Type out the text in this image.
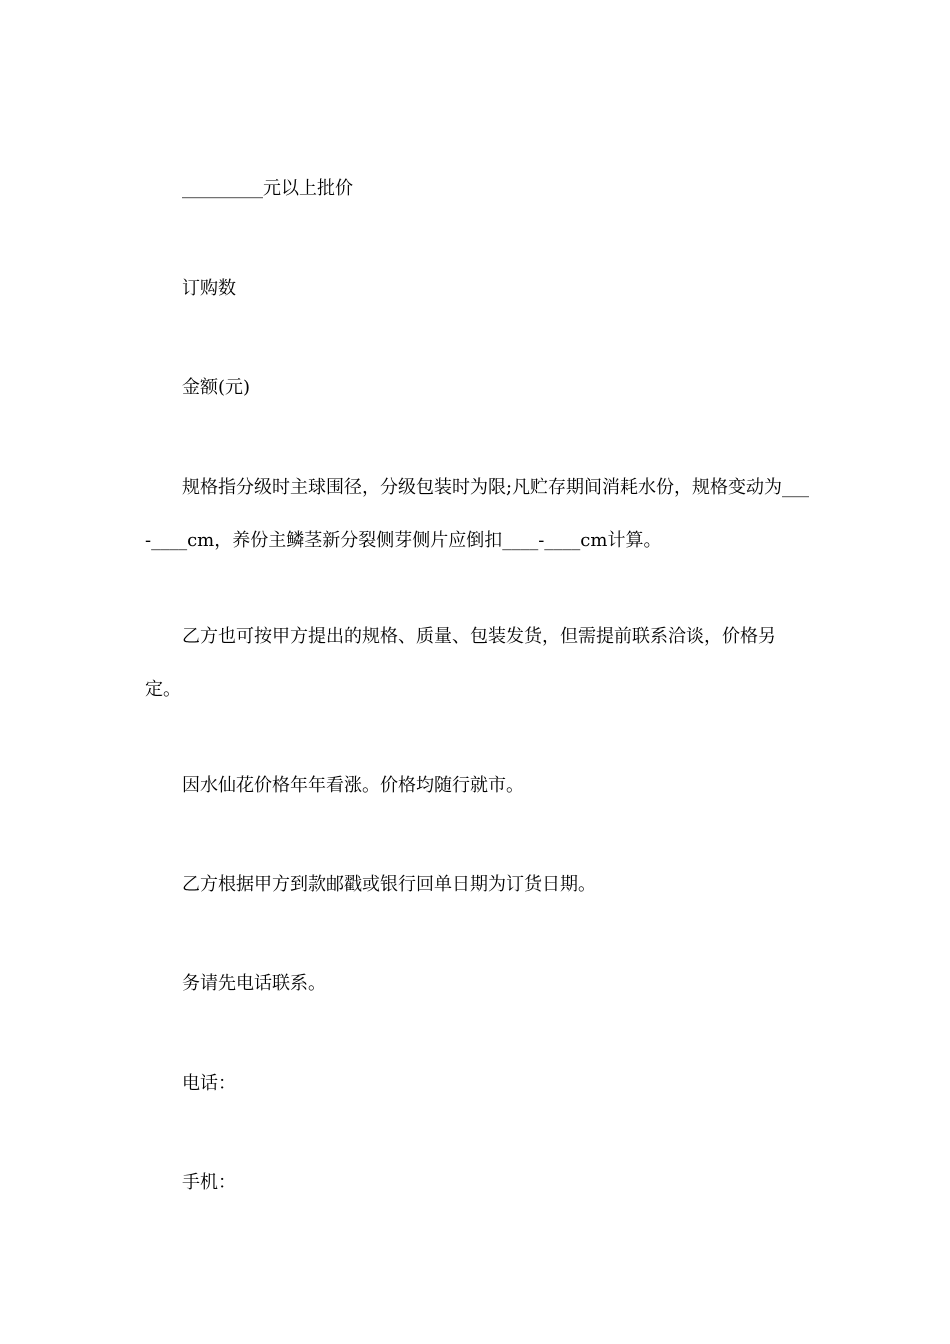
_________元以上批价

订购数

金额(元)

规格指分级时主球围径，分级包装时为限;凡贮存期间消耗水份，规格变动为___-____cm，养份主鳞茎新分裂侧芽侧片应倒扣____-____cm计算。

乙方也可按甲方提出的规格、质量、包装发货，但需提前联系洽谈，价格另定。

因水仙花价格年年看涨。价格均随行就市。

乙方根据甲方到款邮戳或银行回单日期为订货日期。

务请先电话联系。

电话：

手机：
